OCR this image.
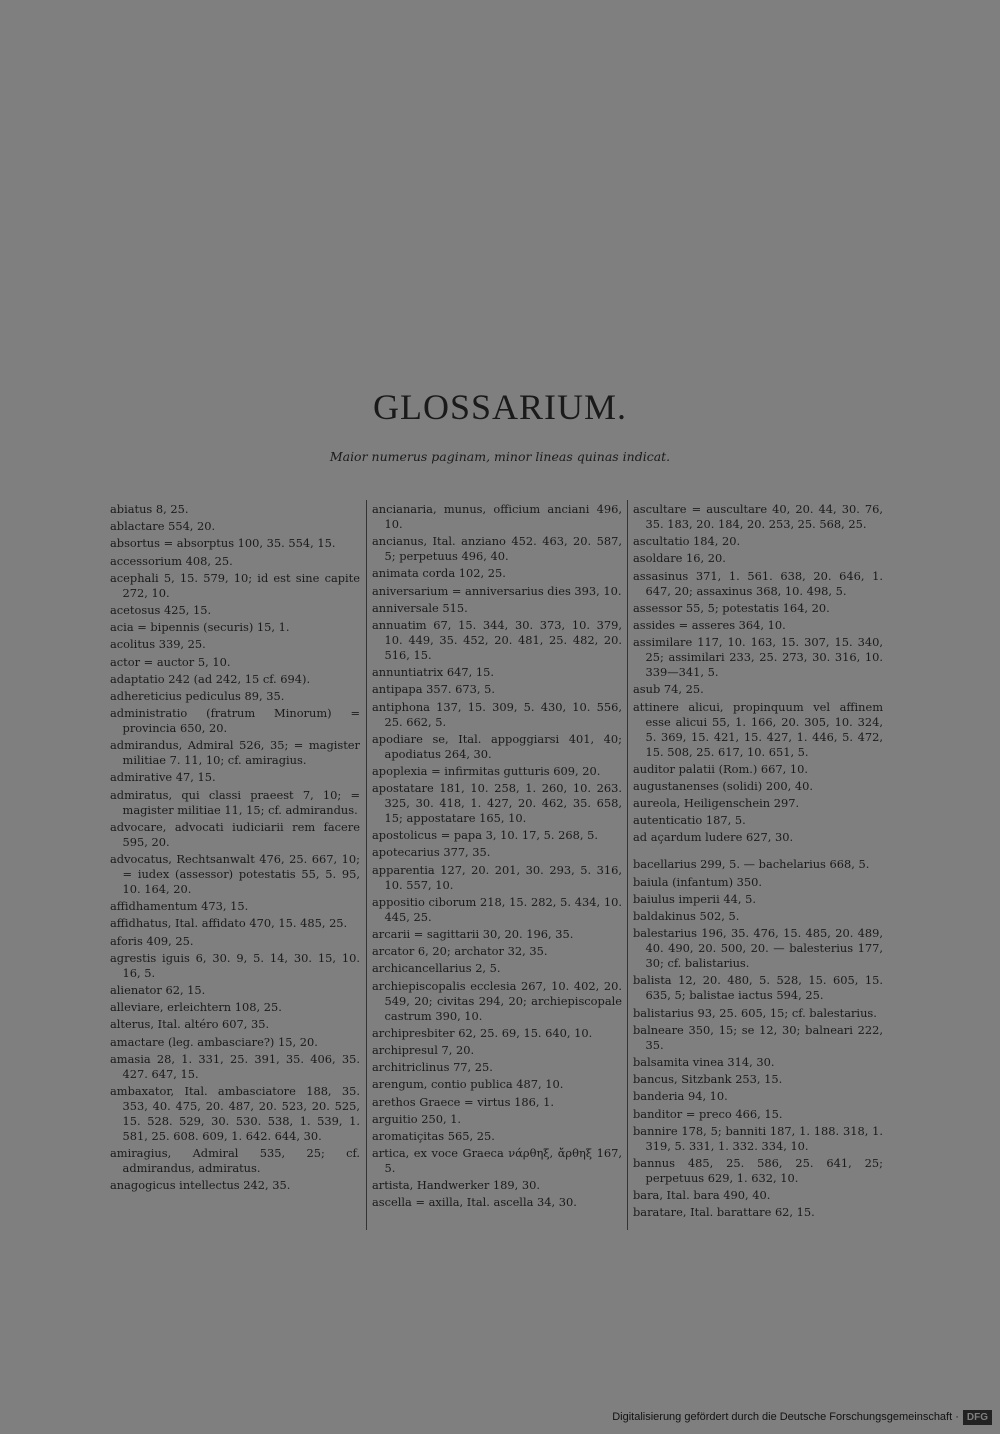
GLOSSARIUM.
Maior numerus paginam, minor lineas quinas indicat.
abiatus 8, 25.
ablactare 554, 20.
absortus = absorptus 100, 35. 554, 15.
accessorium 408, 25.
acephali 5, 15. 579, 10; id est sine capite 272, 10.
acetosus 425, 15.
acia = bipennis (securis) 15, 1.
acolitus 339, 25.
actor = auctor 5, 10.
adaptatio 242 (ad 242, 15 cf. 694).
adhereticius pediculus 89, 35.
administratio (fratrum Minorum) = provincia 650, 20.
admirandus, Admiral 526, 35; = magister militiae 7. 11, 10; cf. amiragius.
admirative 47, 15.
admiratus, qui classi praeest 7, 10; = magister militiae 11, 15; cf. admirandus.
advocare, advocati iudiciarii rem facere 595, 20.
advocatus, Rechtsanwalt 476, 25. 667, 10; = iudex (assessor) potestatis 55, 5. 95, 10. 164, 20.
affidhamentum 473, 15.
affidhatus, Ital. affidato 470, 15. 485, 25.
aforis 409, 25.
agrestis iguis 6, 30. 9, 5. 14, 30. 15, 10. 16, 5.
alienator 62, 15.
alleviare, erleichtern 108, 25.
alterus, Ital. altéro 607, 35.
amactare (leg. ambasciare?) 15, 20.
amasia 28, 1. 331, 25. 391, 35. 406, 35. 427. 647, 15.
ambaxator, Ital. ambasciatore 188, 35. 353, 40. 475, 20. 487, 20. 523, 20. 525, 15. 528. 529, 30. 530. 538, 1. 539, 1. 581, 25. 608. 609, 1. 642. 644, 30.
amiragius, Admiral 535, 25; cf. admirandus, admiratus.
anagogicus intellectus 242, 35.
ancianaria, munus, officium anciani 496, 10.
ancianus, Ital. anziano 452. 463, 20. 587, 5; perpetuus 496, 40.
animata corda 102, 25.
aniversarium = anniversarius dies 393, 10.
anniversale 515.
annuatim 67, 15. 344, 30. 373, 10. 379, 10. 449, 35. 452, 20. 481, 25. 482, 20. 516, 15.
annuntiatrix 647, 15.
antipapa 357. 673, 5.
antiphona 137, 15. 309, 5. 430, 10. 556, 25. 662, 5.
apodiare se, Ital. appoggiarsi 401, 40; apodiatus 264, 30.
apoplexia = infirmitas gutturis 609, 20.
apostatare 181, 10. 258, 1. 260, 10. 263. 325, 30. 418, 1. 427, 20. 462, 35. 658, 15; appostatare 165, 10.
apostolicus = papa 3, 10. 17, 5. 268, 5.
apotecarius 377, 35.
apparentia 127, 20. 201, 30. 293, 5. 316, 10. 557, 10.
appositio ciborum 218, 15. 282, 5. 434, 10. 445, 25.
arcarii = sagittarii 30, 20. 196, 35.
arcator 6, 20; archator 32, 35.
archicancellarius 2, 5.
archiepiscopalis ecclesia 267, 10. 402, 20. 549, 20; civitas 294, 20; archiepiscopale castrum 390, 10.
archipresbiter 62, 25. 69, 15. 640, 10.
archipresul 7, 20.
architriclinus 77, 25.
arengum, contio publica 487, 10.
arethos Graece = virtus 186, 1.
arguitio 250, 1.
aromatiçitas 565, 25.
artica, ex voce Graeca νάρθηξ, ἄρθηξ 167, 5.
artista, Handwerker 189, 30.
ascella = axilla, Ital. ascella 34, 30.
ascultare = auscultare 40, 20. 44, 30. 76, 35. 183, 20. 184, 20. 253, 25. 568, 25.
ascultatio 184, 20.
asoldare 16, 20.
assasinus 371, 1. 561. 638, 20. 646, 1. 647, 20; assaxinus 368, 10. 498, 5.
assessor 55, 5; potestatis 164, 20.
assides = asseres 364, 10.
assimilare 117, 10. 163, 15. 307, 15. 340, 25; assimilari 233, 25. 273, 30. 316, 10. 339—341, 5.
asub 74, 25.
attinere alicui, propinquum vel affinem esse alicui 55, 1. 166, 20. 305, 10. 324, 5. 369, 15. 421, 15. 427, 1. 446, 5. 472, 15. 508, 25. 617, 10. 651, 5.
auditor palatii (Rom.) 667, 10.
augustanenses (solidi) 200, 40.
aureola, Heiligenschein 297.
autenticatio 187, 5.
ad açardum ludere 627, 30.
bacellarius 299, 5. — bachelarius 668, 5.
baiula (infantum) 350.
baiulus imperii 44, 5.
baldakinus 502, 5.
balestarius 196, 35. 476, 15. 485, 20. 489, 40. 490, 20. 500, 20. — balesterius 177, 30; cf. balistarius.
balista 12, 20. 480, 5. 528, 15. 605, 15. 635, 5; balistae iactus 594, 25.
balistarius 93, 25. 605, 15; cf. balestarius.
balneare 350, 15; se 12, 30; balneari 222, 35.
balsamita vinea 314, 30.
bancus, Sitzbank 253, 15.
banderia 94, 10.
banditor = preco 466, 15.
bannire 178, 5; banniti 187, 1. 188. 318, 1. 319, 5. 331, 1. 332. 334, 10.
bannus 485, 25. 586, 25. 641, 25; perpetuus 629, 1. 632, 10.
bara, Ital. bara 490, 40.
baratare, Ital. barattare 62, 15.
Digitalisierung gefördert durch die Deutsche Forschungsgemeinschaft · DFG
